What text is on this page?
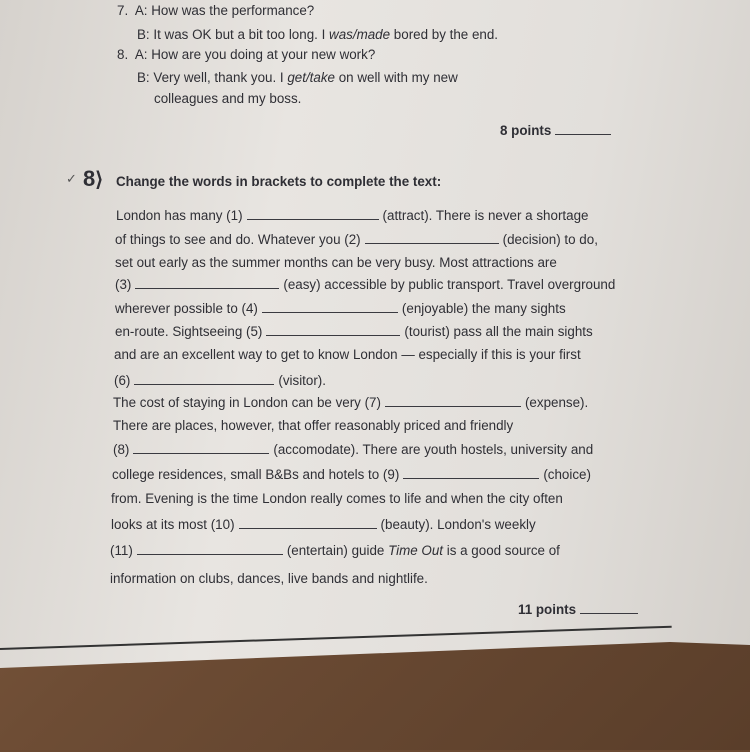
7. A: How was the performance?
B: It was OK but a bit too long. I was/made bored by the end.
8. A: How are you doing at your new work?
B: Very well, thank you. I get/take on well with my new
colleagues and my boss.
8 points
✓ 8⟩ Change the words in brackets to complete the text:
London has many (1)	(attract). There is never a shortage
of things to see and do. Whatever you (2)	(decision) to do,
set out early as the summer months can be very busy. Most attractions are
(3)	(easy) accessible by public transport. Travel overground
wherever possible to (4)	(enjoyable) the many sights
en-route. Sightseeing (5)	(tourist) pass all the main sights
and are an excellent way to get to know London — especially if this is your first
(6)	(visitor).
The cost of staying in London can be very (7)	(expense).
There are places, however, that offer reasonably priced and friendly
(8)	(accomodate). There are youth hostels, university and
college residences, small B&Bs and hotels to (9)	(choice)
from. Evening is the time London really comes to life and when the city often
looks at its most (10)	(beauty). London's weekly
(11)	(entertain) guide Time Out is a good source of
information on clubs, dances, live bands and nightlife.
11 points
